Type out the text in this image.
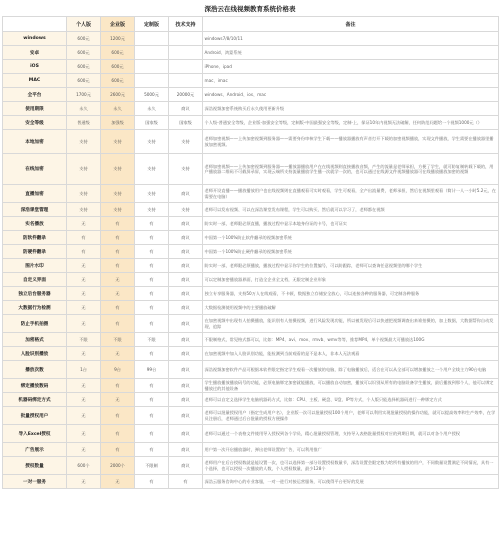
深浩云在线视频教育系统价格表
	个人版	企业版	定制版	技术支持	备注
windows	600元	1200元			windows7/8/10/11
安卓	600元	600元			Android、鸿蒙系统
iOS	600元	600元			iPhone、ipad
MAC	600元	600元			mac、imac
全平台	1700元	2600元	5000元	20000元	windows、Android、ios、mac
使用期限	永久	永久	永久	商议	深浩视频加密系统购买后永久使用更新升级
安全等级	普通级	加强级	国家级	国家级	个人级-普通安全等级，企业版-加强安全等级，定制版-中国最强安全等级，定制-上，保证10年内视频无法破解，任何防范问题给一个视频1000元（）
本地加密	支持	支持	支持	支持	老师加密视频——上传加密视频到服务器——需要身份审核学生下载——播放器播放有声音打开下载的加密视频播放，实现文件播放，学生需要在播放器里播放加密视频。
在线加密	支持	支持	支持	支持	老师加密视频——上传加密视频到服务器——播放器播放用户在在线视频则直接播放音频，产生的流量是老师承担，方便了学生，就可防复制转载下载的，用户播放器二维码不可截屏录屏，实现云端所支持流量播放学生播一次就学一次的，也可以通过在线源文件视频播放器可在线播放播放加密的视频
直播加密	支持	支持	支持	商议	老师开设直播——播放播放用户也在线视频则在直播观看可实时观看，学生可观看，全产出流量费，老师承担，然后在视频里观看（简计一人一小时5.2元，在需要在电脑）
深浩课堂管理	支持	支持	支持	支持	老师可以发布视频、可以在深浩课堂发布课程，学生可以购买、然后就可以学习了，老师都在视频
实名播放	无	有	有	商议	防实时一部，老师限必须直播，播放过程中显示本地身份证的卡号，也可证实
防软件翻录	有	有	有	商议	中国第一个100%防止软件翻录的视频加密系统
防硬件翻录	有	有	有	商议	中国第一个100%防止硬件翻录的视频加密系统
图片水印	无	有	有	商议	防实时一部，老师限必须播放，播放过程中显示你学生的位置编号，可以防跟踪，老师可以查询任意视频里的哪个学生
自定义界面	无	无	有	商议	可以定制加密播放器界面，打造全企业全文档，无限定制企业形象
独立后台服务器	无	无	有	商议	独立专享服务器，支持50万人在线观看，不卡顿，数据独立存储安全放心，可以连接各种的服务器，可定制各种服务
大数据行为检测	无	有	有	商议	大数据检测使用视频中的主要播放破解
防止手机拍摄	无	有	有	商议	在加密视频中出现有人拍摄播放，能识别有人拍摄视频，进行风险发现功能，所以被发现后可以快速把视频调查出来谁拍摄的，加上数据，大数据帮你自动发现，追踪
加密格式	不限	不限	不限	商议	不限制格式，常见格式都可以，比如：MP4、avi、mov、rmvb、wmv等等，推荐MP4，单个视频最大可播放达100G
人脸识别播放	无	无	有	商议	在加密视频中加入人脸识别功能，能检测到当前观看的是不是本人，非本人无法观看
播放次数	1台	9台	99台	商议	深浩视频加密软件产品可根据本软件限定指定学生观看一次播放的电脑，除了电脑播放后，适合在可以从全部可以增加播放之一个用户全线主力90台电脑
绑定播放数码	无	有	有	商议	学生播放播放播放码号的功能，必须电脑绑定加密就能播放，可以播放自动加密，播放可以识别从所有的电脑设备学生播放，最后播放到那个人，他可以绑定播放过的其他设备
机器码绑定方式	无	无	有	商议	老师可以自定义选择学生电脑机器码方式，比如：CPU、主板、硬盘、U盘、IP等方式，个人版只能选择机器码进行一种绑定方式
批量授权用户	无	有	有	商议	老师可以批量授权用户（指定生成用户名），企业版一次可以批量授权100个用户，老师可以利用实现批量授权的操作功能，就可以提高效率和生产效率，在学员注册后，老师通过后台批量的授权方便操作
导入Excel授权	无	有	有	商议	老师可以通过一个表格文件使用导入授权到各个学员，精心批量授权管理，支持导入表格批量授权对应的到期日期，就可以对各个用户授权
广告展示	无	有	有	商议	用户第一次开启播放器时，弹出老师设置的广告，可以利用推广
授权数量	600个	2000个	不限制	商议	老师用户在后台授权数就是能设置一次，也可以选择第一部分设置授权数量节，深浩设置会限定数为给所有播放的用户，不同数量设置满足不同情况，具有一个选择，也可以授权一次播放的人数，个人授权数量，最少128个
一对一服务	无	无	有	有	深浩云服务咨询中心的专业客服，一对一进行对接运营服务，可以使得平台更好的发展
